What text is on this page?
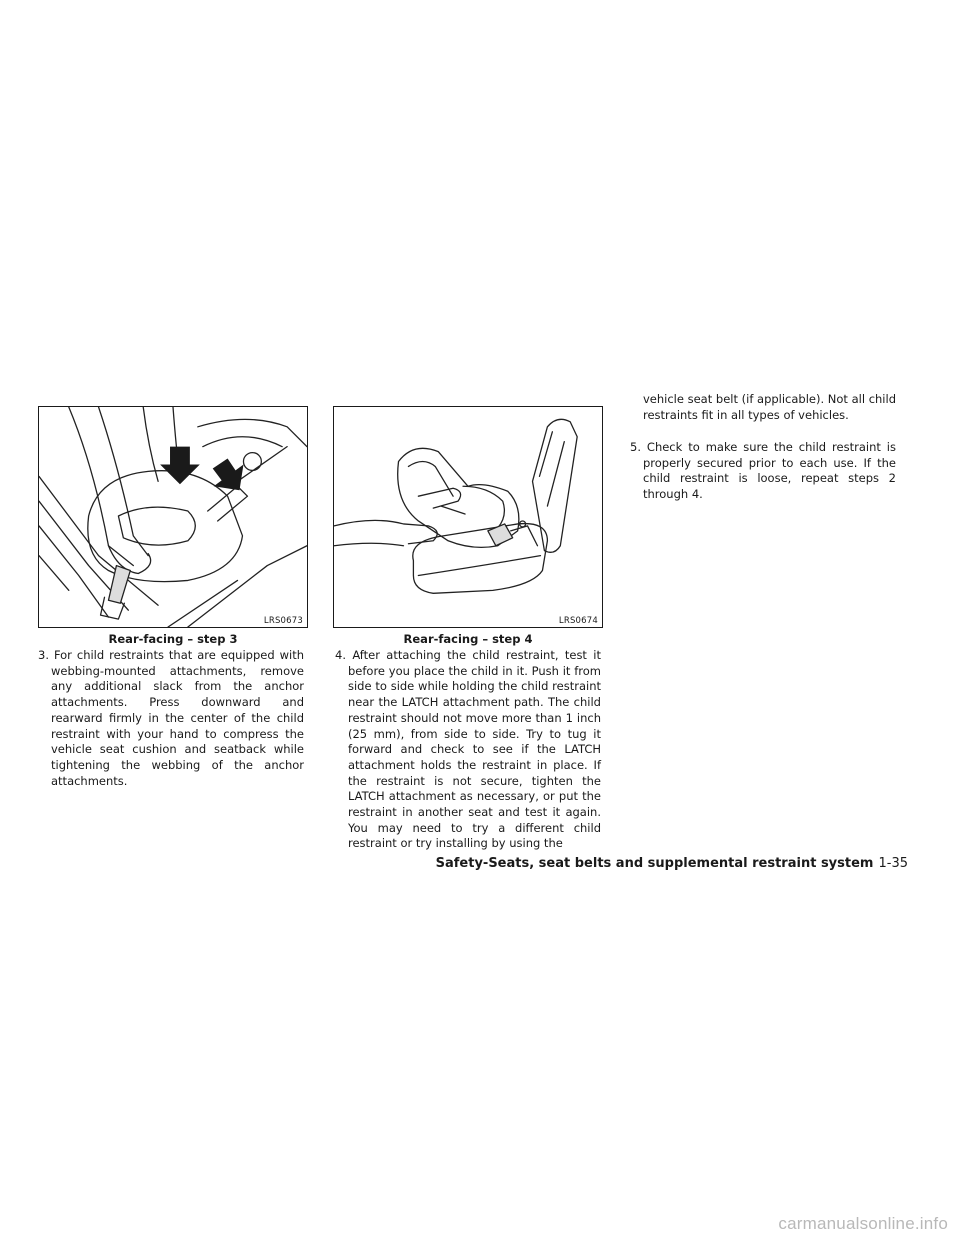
LRS0673
Rear-facing – step 3
LRS0674
Rear-facing – step 4

3. For child restraints that are equipped with webbing-mounted attachments, remove any additional slack from the anchor attachments. Press downward and rearward firmly in the center of the child restraint with your hand to compress the vehicle seat cushion and seatback while tightening the webbing of the anchor attachments.

4. After attaching the child restraint, test it before you place the child in it. Push it from side to side while holding the child restraint near the LATCH attachment path. The child restraint should not move more than 1 inch (25 mm), from side to side. Try to tug it forward and check to see if the LATCH attachment holds the restraint in place. If the restraint is not secure, tighten the LATCH attachment as necessary, or put the restraint in another seat and test it again. You may need to try a different child restraint or try installing by using the

vehicle seat belt (if applicable). Not all child restraints fit in all types of vehicles.

5. Check to make sure the child restraint is properly secured prior to each use. If the child restraint is loose, repeat steps 2 through 4.

Safety-Seats, seat belts and supplemental restraint system 1-35
carmanualsonline.info
